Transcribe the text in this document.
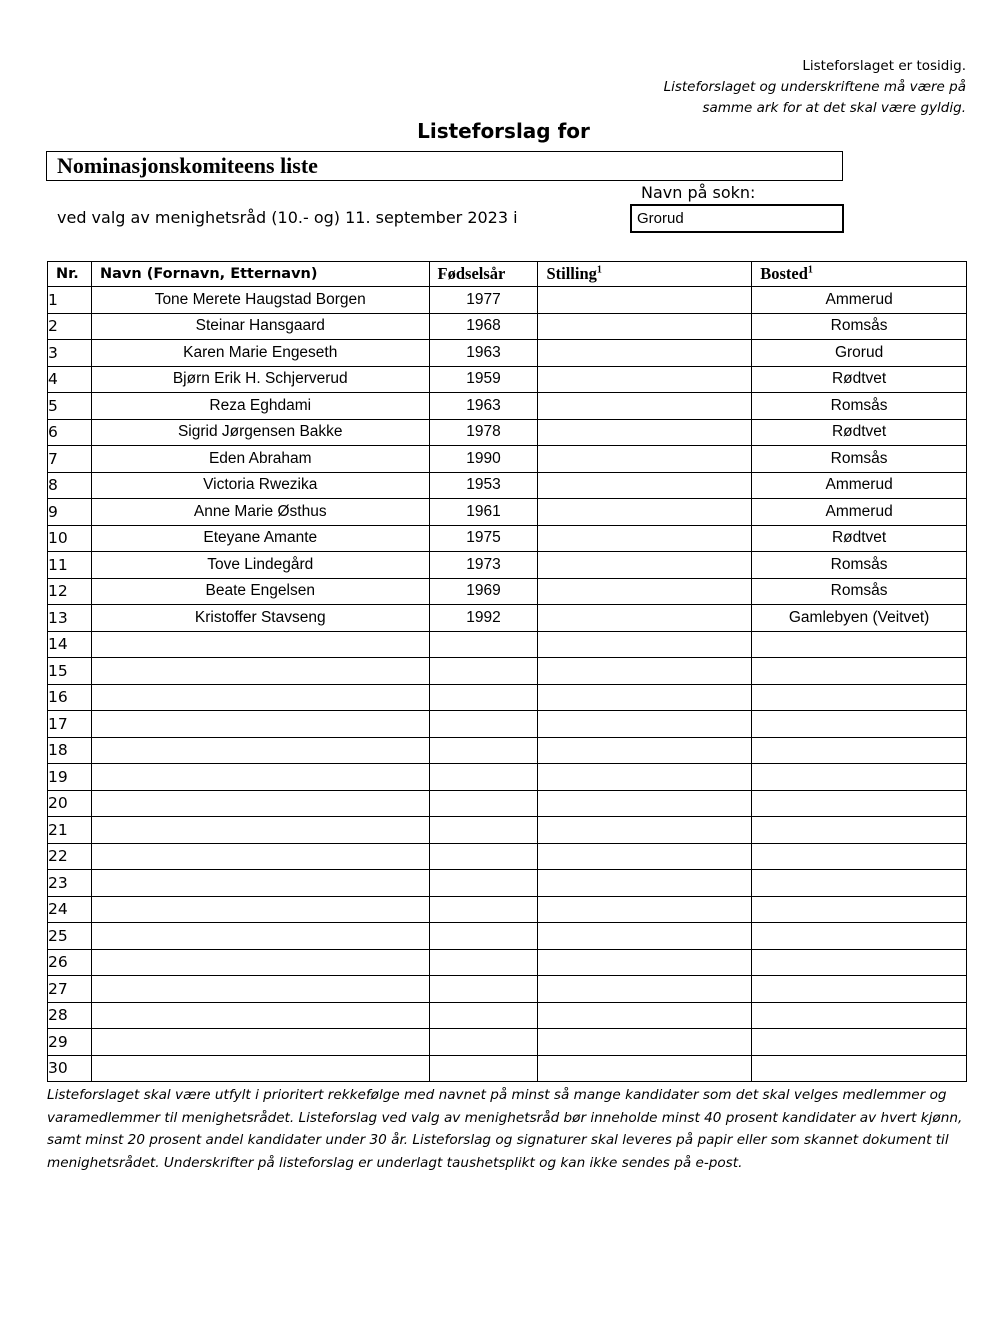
Listeforslaget er tosidig.
Listeforslaget og underskriftene må være på
samme ark for at det skal være gyldig.
Listeforslag for
Nominasjonskomiteens liste
ved valg av menighetsråd (10.- og) 11. september 2023 i
Navn på sokn:
Grorud
Nr.	Navn (Fornavn, Etternavn)	Fødselsår	Stilling$^1$	Bosted$^1$
1	Tone Merete Haugstad Borgen	1977		Ammerud
2	Steinar Hansgaard	1968		Romsås
3	Karen Marie Engeseth	1963		Grorud
4	Bjørn Erik H. Schjerverud	1959		Rødtvet
5	Reza Eghdami	1963		Romsås
6	Sigrid Jørgensen Bakke	1978		Rødtvet
7	Eden Abraham	1990		Romsås
8	Victoria Rwezika	1953		Ammerud
9	Anne Marie Østhus	1961		Ammerud
10	Eteyane Amante	1975		Rødtvet
11	Tove Lindegård	1973		Romsås
12	Beate Engelsen	1969		Romsås
13	Kristoffer Stavseng	1992		Gamlebyen (Veitvet)
14				
15				
16				
17				
18				
19				
20				
21				
22				
23				
24				
25				
26				
27				
28				
29				
30				
Listeforslaget skal være utfylt i prioritert rekkefølge med navnet på minst så mange kandidater som det skal velges medlemmer og varamedlemmer til menighetsrådet. Listeforslag ved valg av menighetsråd bør inneholde minst 40 prosent kandidater av hvert kjønn, samt minst 20 prosent andel kandidater under 30 år. Listeforslag og signaturer skal leveres på papir eller som skannet dokument til menighetsrådet. Underskrifter på listeforslag er underlagt taushetsplikt og kan ikke sendes på e-post.
